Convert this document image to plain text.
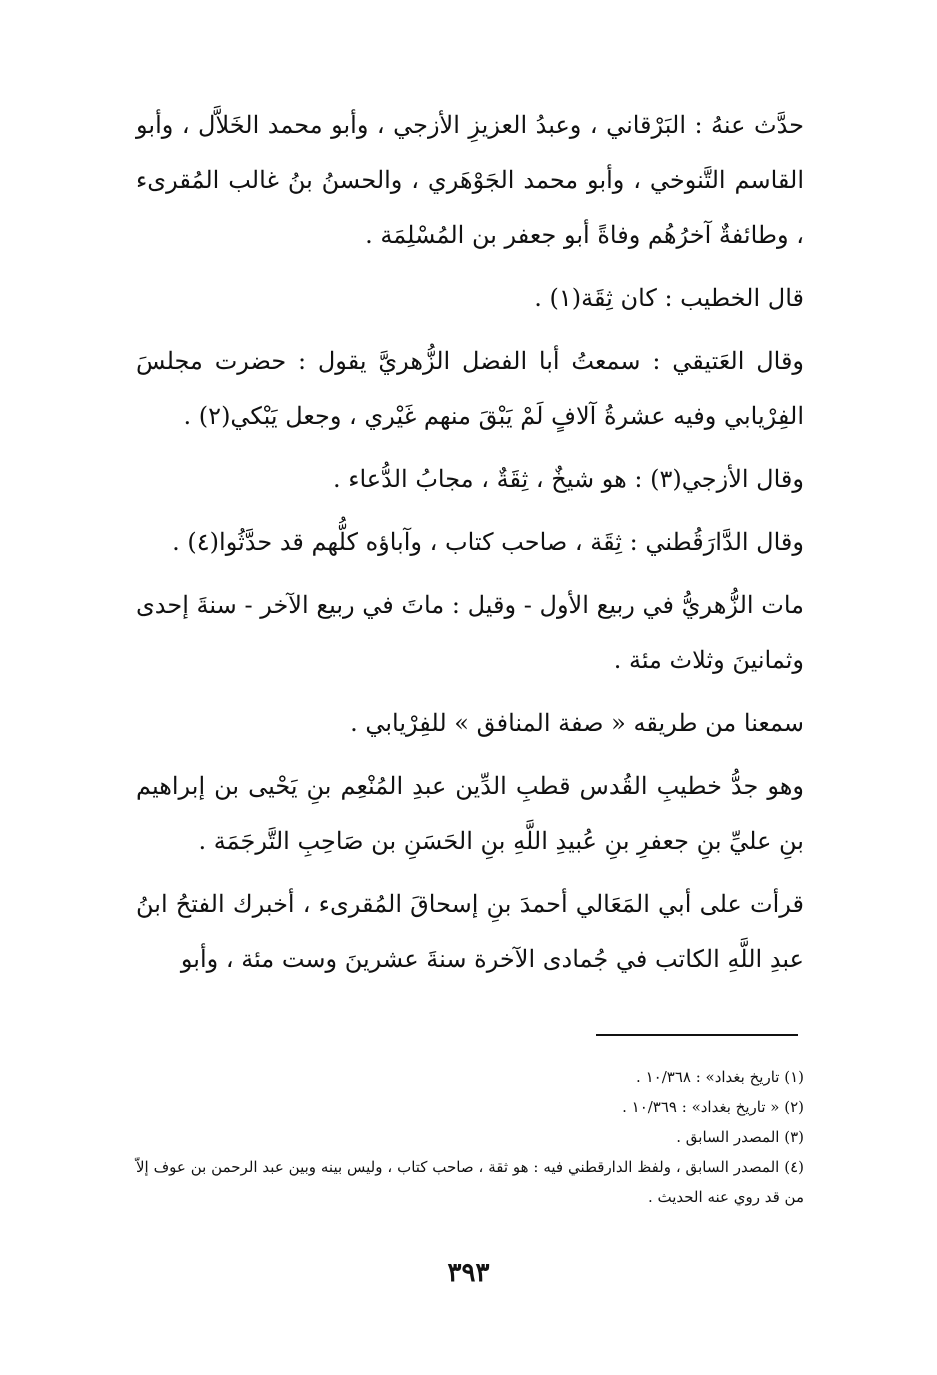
حدَّث عنهُ : البَرْقاني ، وعبدُ العزيزِ الأزجي ، وأبو محمد الخَلاَّل ، وأبو القاسم التَّنوخي ، وأبو محمد الجَوْهَري ، والحسنُ بنُ غالب المُقرىء ، وطائفةٌ آخرُهُم وفاةً أبو جعفر بن المُسْلِمَة .

قال الخطيب : كان ثِقَة(١) .

وقال العَتيقي : سمعتُ أبا الفضل الزُّهريَّ يقول : حضرت مجلسَ الفِرْيابي وفيه عشرةُ آلافٍ لَمْ يَبْقَ منهم غَيْري ، وجعل يَبْكي(٢) .

وقال الأزجي(٣) : هو شيخٌ ، ثِقَةٌ ، مجابُ الدُّعاء .

وقال الدَّارَقُطني : ثِقَة ، صاحب كتاب ، وآباؤه كلُّهم قد حدَّثُوا(٤) .

مات الزُّهريُّ في ربيع الأول - وقيل : ماتَ في ربيع الآخر - سنةَ إحدى وثمانينَ وثلاث مئة .

سمعنا من طريقه « صفة المنافق » للفِرْيابي .

وهو جدُّ خطيبِ القُدس قطبِ الدِّين عبدِ المُنْعِم بنِ يَحْيى بن إبراهيم بنِ عليِّ بنِ جعفرِ بنِ عُبيدِ اللَّهِ بنِ الحَسَنِ بن صَاحِبِ التَّرجَمَة .

قرأت على أبي المَعَالي أحمدَ بنِ إسحاقَ المُقرىء ، أخبرك الفتحُ ابنُ عبدِ اللَّهِ الكاتب في جُمادى الآخرة سنةَ عشرينَ وست مئة ، وأبو

(١) تاريخ بغداد» : ١٠/٣٦٨ .

(٢) « تاريخ بغداد» : ١٠/٣٦٩ .

(٣) المصدر السابق .

(٤) المصدر السابق ، ولفظ الدارقطني فيه : هو ثقة ، صاحب كتاب ، وليس بينه وبين عبد الرحمن بن عوف إلاّ من قد روي عنه الحديث .

٣٩٣
